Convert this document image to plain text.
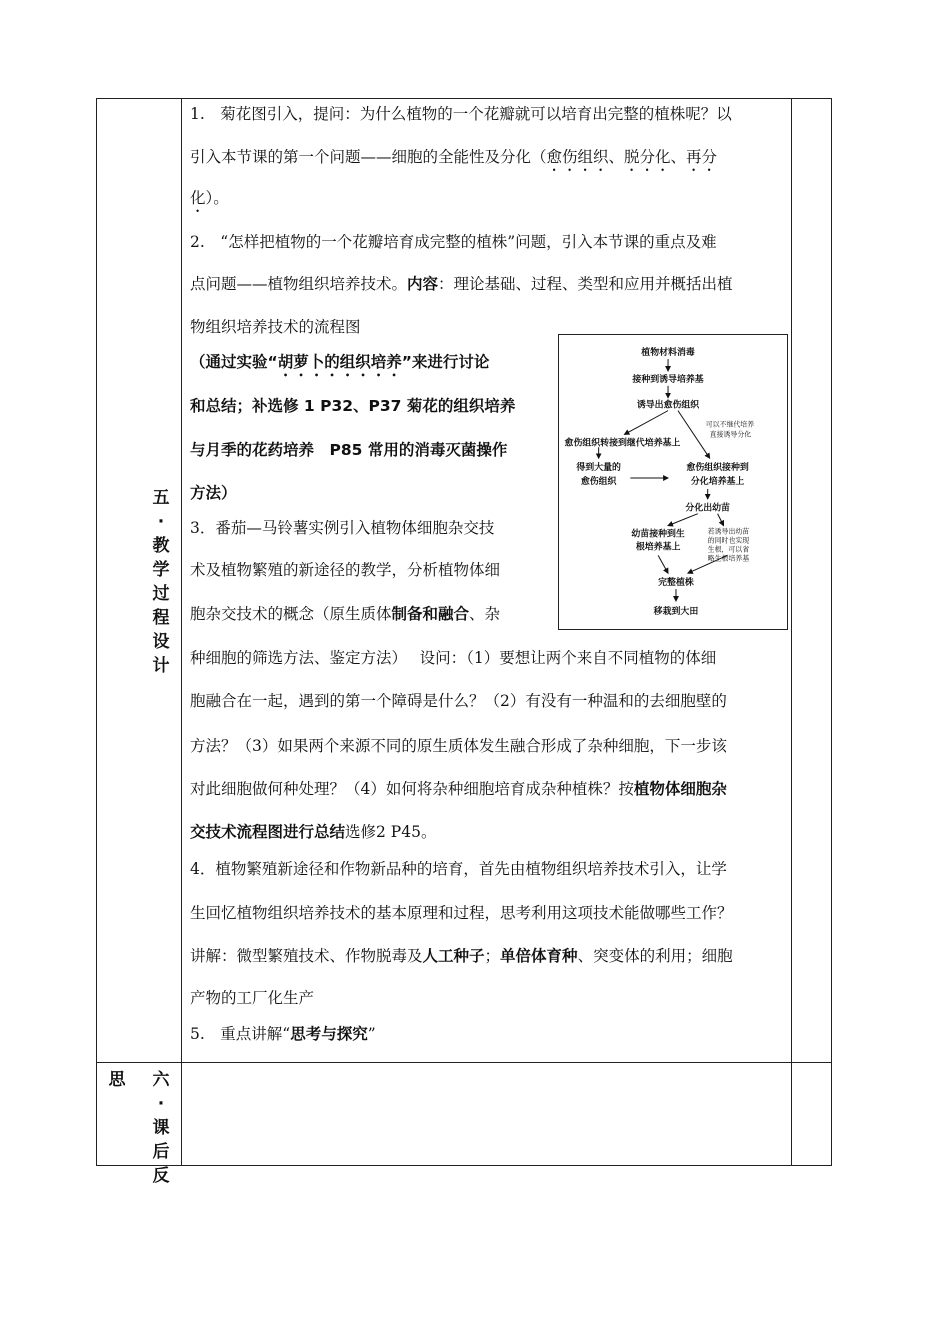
五
·
教
学
过
程
设
计
思 六
·
课
后
反

1.　菊花图引入，提问：为什么植物的一个花瓣就可以培育出完整的植株呢？以

引入本节课的第一个问题——细胞的全能性及分化（愈伤组织、脱分化、再分

化）。

2.　“怎样把植物的一个花瓣培育成完整的植株”问题，引入本节课的重点及难

点问题——植物组织培养技术。内容：理论基础、过程、类型和应用并概括出植

物组织培养技术的流程图

（通过实验“胡萝卜的组织培养”来进行讨论

和总结；补选修 1 P32、P37 菊花的组织培养

与月季的花药培养　P85 常用的消毒灭菌操作

方法）

3．番茄—马铃薯实例引入植物体细胞杂交技

术及植物繁殖的新途径的教学，分析植物体细

胞杂交技术的概念（原生质体制备和融合、杂

种细胞的筛选方法、鉴定方法）　 设问：（1）要想让两个来自不同植物的体细

胞融合在一起，遇到的第一个障碍是什么？（2）有没有一种温和的去细胞壁的

方法？（3）如果两个来源不同的原生质体发生融合形成了杂种细胞，下一步该

对此细胞做何种处理？（4）如何将杂种细胞培育成杂种植株？按植物体细胞杂

交技术流程图进行总结选修2 P45。

4．植物繁殖新途径和作物新品种的培育，首先由植物组织培养技术引入，让学

生回忆植物组织培养技术的基本原理和过程，思考利用这项技术能做哪些工作？

讲解：微型繁殖技术、作物脱毒及人工种子；单倍体育种、突变体的利用；细胞

产物的工厂化生产

5.　重点讲解“思考与探究”

植物材料消毒
接种到诱导培养基
诱导出愈伤组织
可以不继代培养
直接诱导分化
愈伤组织转接到继代培养基上
得到大量的
愈伤组织
愈伤组织接种到
分化培养基上
分化出幼苗
幼苗接种到生
根培养基上
若诱导出幼苗
的同时也实现
生根，可以省
略生根培养基
完整植株
移栽到大田
